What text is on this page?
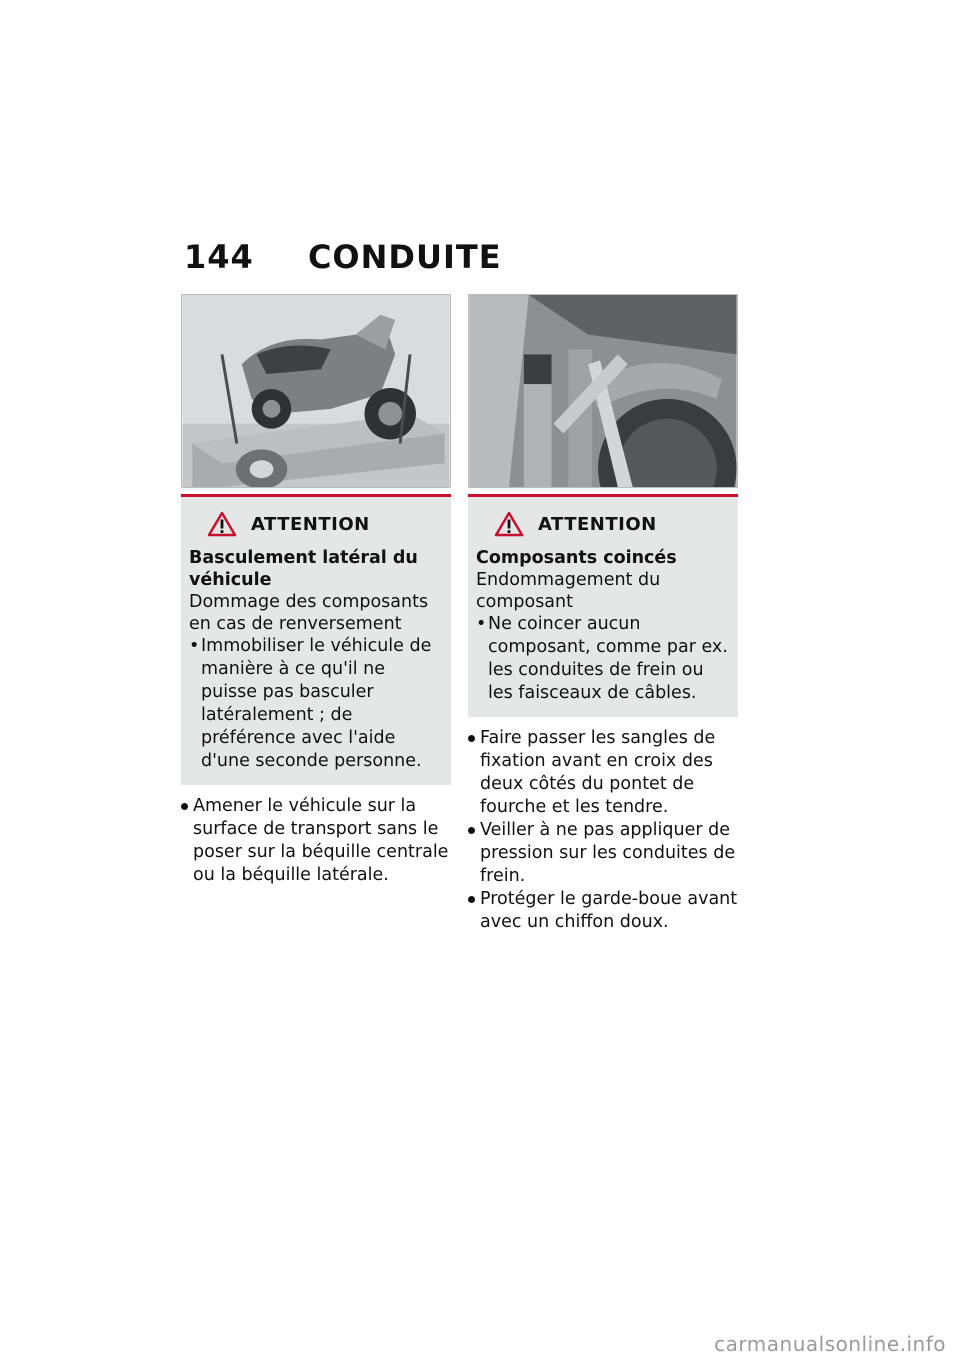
144 CONDUITE
ATTENTION
Basculement latéral du véhicule
Dommage des composants en cas de renversement
• Immobiliser le véhicule de manière à ce qu'il ne puisse pas basculer latéralement ; de préférence avec l'aide d'une seconde personne.
Amener le véhicule sur la surface de transport sans le poser sur la béquille centrale ou la béquille latérale.
ATTENTION
Composants coincés
Endommagement du composant
• Ne coincer aucun composant, comme par ex. les conduites de frein ou les faisceaux de câbles.
Faire passer les sangles de fixation avant en croix des deux côtés du pontet de fourche et les tendre.
Veiller à ne pas appliquer de pression sur les conduites de frein.
Protéger le garde-boue avant avec un chiffon doux.
carmanualsonline.info
